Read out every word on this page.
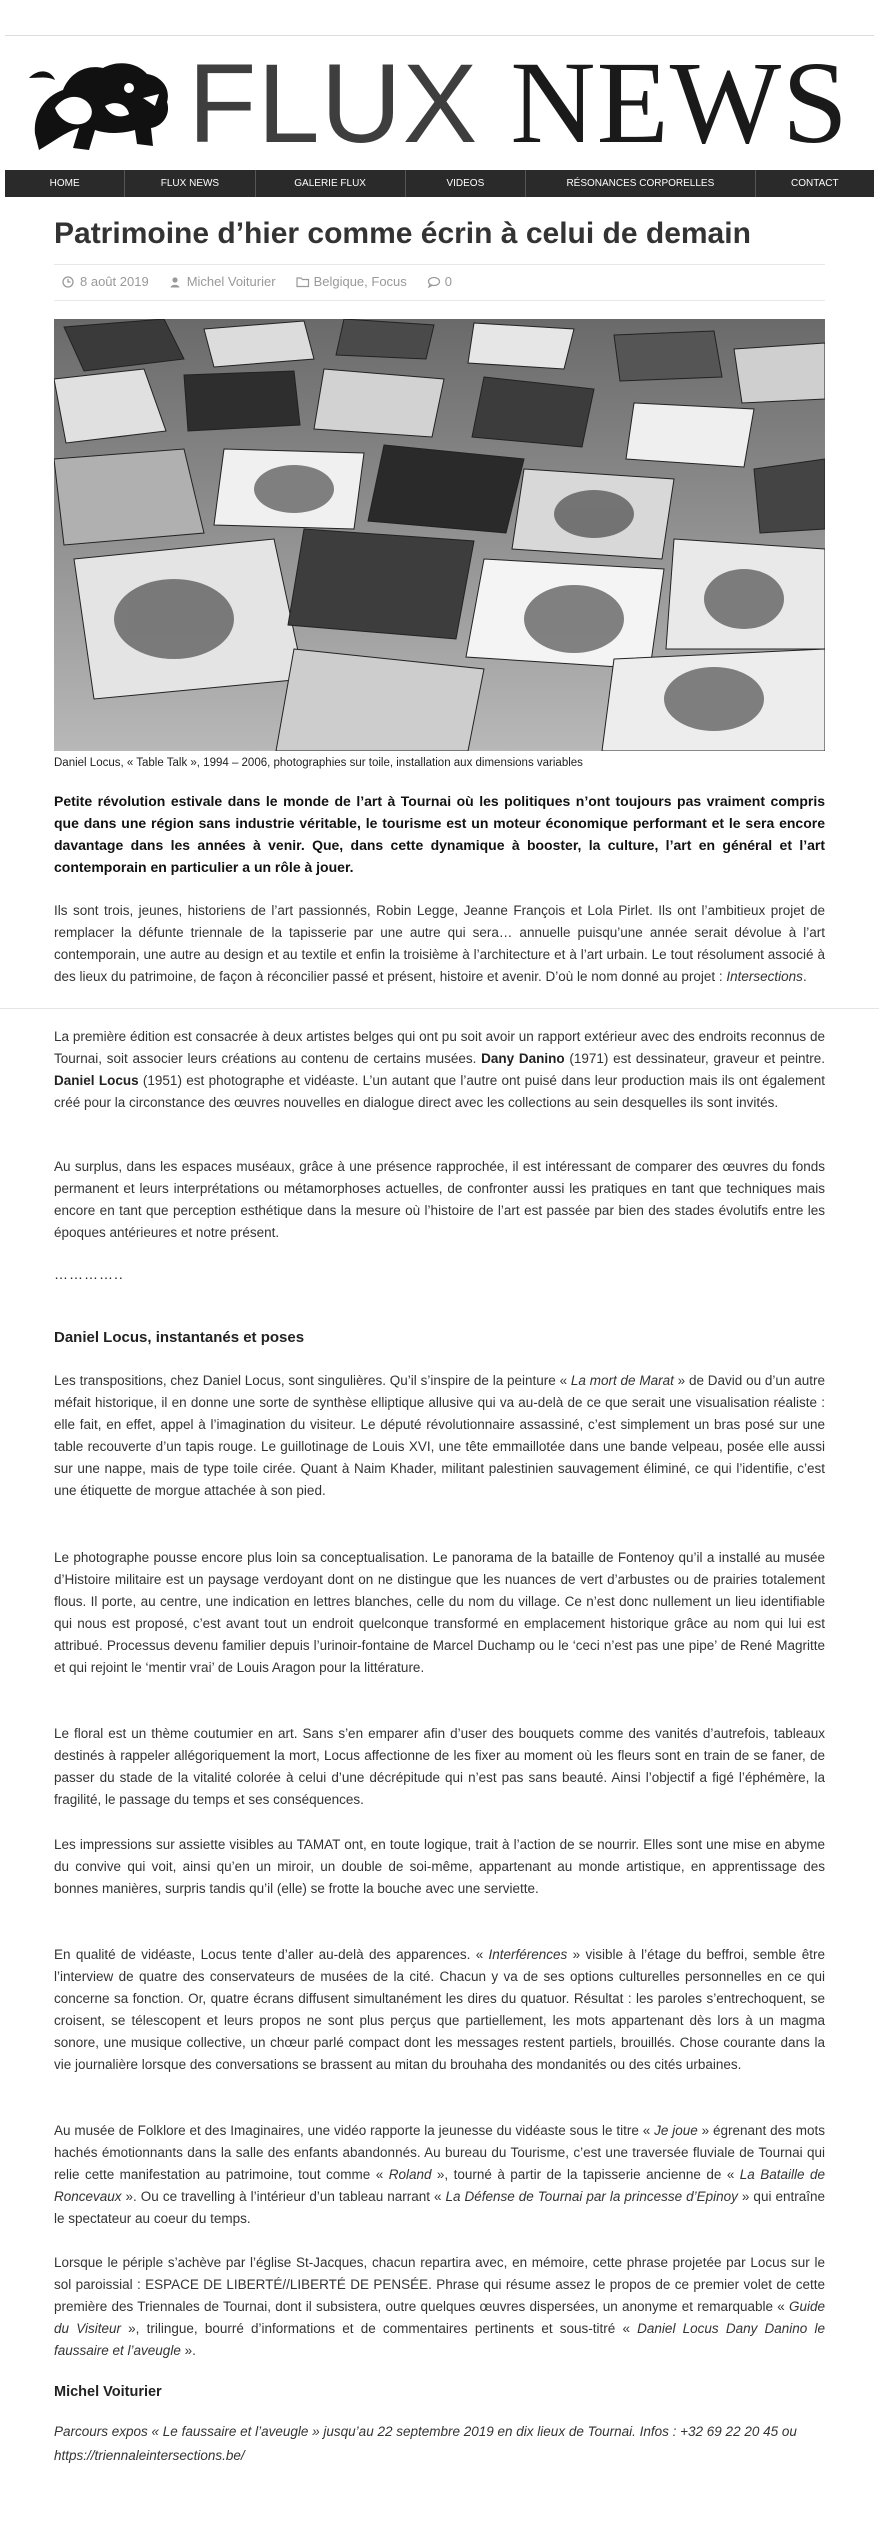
FLUX NEWS
HOME	FLUX NEWS	GALERIE FLUX	VIDEOS	RÉSONANCES CORPORELLES	CONTACT
Patrimoine d’hier comme écrin à celui de demain
8 août 2019	Michel Voiturier	Belgique, Focus	0
Daniel Locus, « Table Talk », 1994 – 2006, photographies sur toile, installation aux dimensions variables

Petite révolution estivale dans le monde de l’art à Tournai où les politiques n’ont toujours pas vraiment compris que dans une région sans industrie véritable, le tourisme est un moteur économique performant et le sera encore davantage dans les années à venir. Que, dans cette dynamique à booster, la culture, l’art en général et l’art contemporain en particulier a un rôle à jouer.

Ils sont trois, jeunes, historiens de l’art passionnés, Robin Legge, Jeanne François et Lola Pirlet. Ils ont l’ambitieux projet de remplacer la défunte triennale de la tapisserie par une autre qui sera… annuelle puisqu’une année serait dévolue à l’art contemporain, une autre au design et au textile et enfin la troisième à l’architecture et à l’art urbain. Le tout résolument associé à des lieux du patrimoine, de façon à réconcilier passé et présent, histoire et avenir. D’où le nom donné au projet : Intersections.

La première édition est consacrée à deux artistes belges qui ont pu soit avoir un rapport extérieur avec des endroits reconnus de Tournai, soit associer leurs créations au contenu de certains musées. Dany Danino (1971) est dessinateur, graveur et peintre. Daniel Locus (1951) est photographe et vidéaste. L’un autant que l’autre ont puisé dans leur production mais ils ont également créé pour la circonstance des œuvres nouvelles en dialogue direct avec les collections au sein desquelles ils sont invités.

Au surplus, dans les espaces muséaux, grâce à une présence rapprochée, il est intéressant de comparer des œuvres du fonds permanent et leurs interprétations ou métamorphoses actuelles, de confronter aussi les pratiques en tant que techniques mais encore en tant que perception esthétique dans la mesure où l’histoire de l’art est passée par bien des stades évolutifs entre les époques antérieures et notre présent.

…………..
Daniel Locus, instantanés et poses

Les transpositions, chez Daniel Locus, sont singulières. Qu’il s’inspire de la peinture « La mort de Marat » de David ou d’un autre méfait historique, il en donne une sorte de synthèse elliptique allusive qui va au-delà de ce que serait une visualisation réaliste : elle fait, en effet, appel à l’imagination du visiteur. Le député révolutionnaire assassiné, c’est simplement un bras posé sur une table recouverte d’un tapis rouge. Le guillotinage de Louis XVI, une tête emmaillotée dans une bande velpeau, posée elle aussi sur une nappe, mais de type toile cirée. Quant à Naim Khader, militant palestinien sauvagement éliminé, ce qui l’identifie, c’est une étiquette de morgue attachée à son pied.

Le photographe pousse encore plus loin sa conceptualisation. Le panorama de la bataille de Fontenoy qu’il a installé au musée d’Histoire militaire est un paysage verdoyant dont on ne distingue que les nuances de vert d’arbustes ou de prairies totalement flous. Il porte, au centre, une indication en lettres blanches, celle du nom du village. Ce n’est donc nullement un lieu identifiable qui nous est proposé, c’est avant tout un endroit quelconque transformé en emplacement historique grâce au nom qui lui est attribué. Processus devenu familier depuis l’urinoir-fontaine de Marcel Duchamp ou le ‘ceci n’est pas une pipe’ de René Magritte et qui rejoint le ‘mentir vrai’ de Louis Aragon pour la littérature.

Le floral est un thème coutumier en art. Sans s’en emparer afin d’user des bouquets comme des vanités d’autrefois, tableaux destinés à rappeler allégoriquement la mort, Locus affectionne de les fixer au moment où les fleurs sont en train de se faner, de passer du stade de la vitalité colorée à celui d’une décrépitude qui n’est pas sans beauté. Ainsi l’objectif a figé l’éphémère, la fragilité, le passage du temps et ses conséquences.

Les impressions sur assiette visibles au TAMAT ont, en toute logique, trait à l’action de se nourrir. Elles sont une mise en abyme du convive qui voit, ainsi qu’en un miroir, un double de soi-même, appartenant au monde artistique, en apprentissage des bonnes manières, surpris tandis qu’il (elle) se frotte la bouche avec une serviette.

En qualité de vidéaste, Locus tente d’aller au-delà des apparences. « Interférences » visible à l’étage du beffroi, semble être l’interview de quatre des conservateurs de musées de la cité. Chacun y va de ses options culturelles personnelles en ce qui concerne sa fonction. Or, quatre écrans diffusent simultanément les dires du quatuor. Résultat : les paroles s’entrechoquent, se croisent, se télescopent et leurs propos ne sont plus perçus que partiellement, les mots appartenant dès lors à un magma sonore, une musique collective, un chœur parlé compact dont les messages restent partiels, brouillés. Chose courante dans la vie journalière lorsque des conversations se brassent au mitan du brouhaha des mondanités ou des cités urbaines.

Au musée de Folklore et des Imaginaires, une vidéo rapporte la jeunesse du vidéaste sous le titre « Je joue » égrenant des mots hachés émotionnants dans la salle des enfants abandonnés. Au bureau du Tourisme, c’est une traversée fluviale de Tournai qui relie cette manifestation au patrimoine, tout comme « Roland », tourné à partir de la tapisserie ancienne de « La Bataille de Roncevaux ». Ou ce travelling à l’intérieur d’un tableau narrant « La Défense de Tournai par la princesse d’Epinoy » qui entraîne le spectateur au coeur du temps.

Lorsque le périple s’achève par l’église St-Jacques, chacun repartira avec, en mémoire, cette phrase projetée par Locus sur le sol paroissial : ESPACE DE LIBERTÉ//LIBERTÉ DE PENSÉE. Phrase qui résume assez le propos de ce premier volet de cette première des Triennales de Tournai, dont il subsistera, outre quelques œuvres dispersées, un anonyme et remarquable « Guide du Visiteur », trilingue, bourré d’informations et de commentaires pertinents et sous-titré « Daniel Locus Dany Danino le faussaire et l’aveugle ».

Michel Voiturier

Parcours expos « Le faussaire et l’aveugle » jusqu’au 22 septembre 2019 en dix lieux de Tournai. Infos : +32 69 22 20 45 ou https://triennaleintersections.be/
